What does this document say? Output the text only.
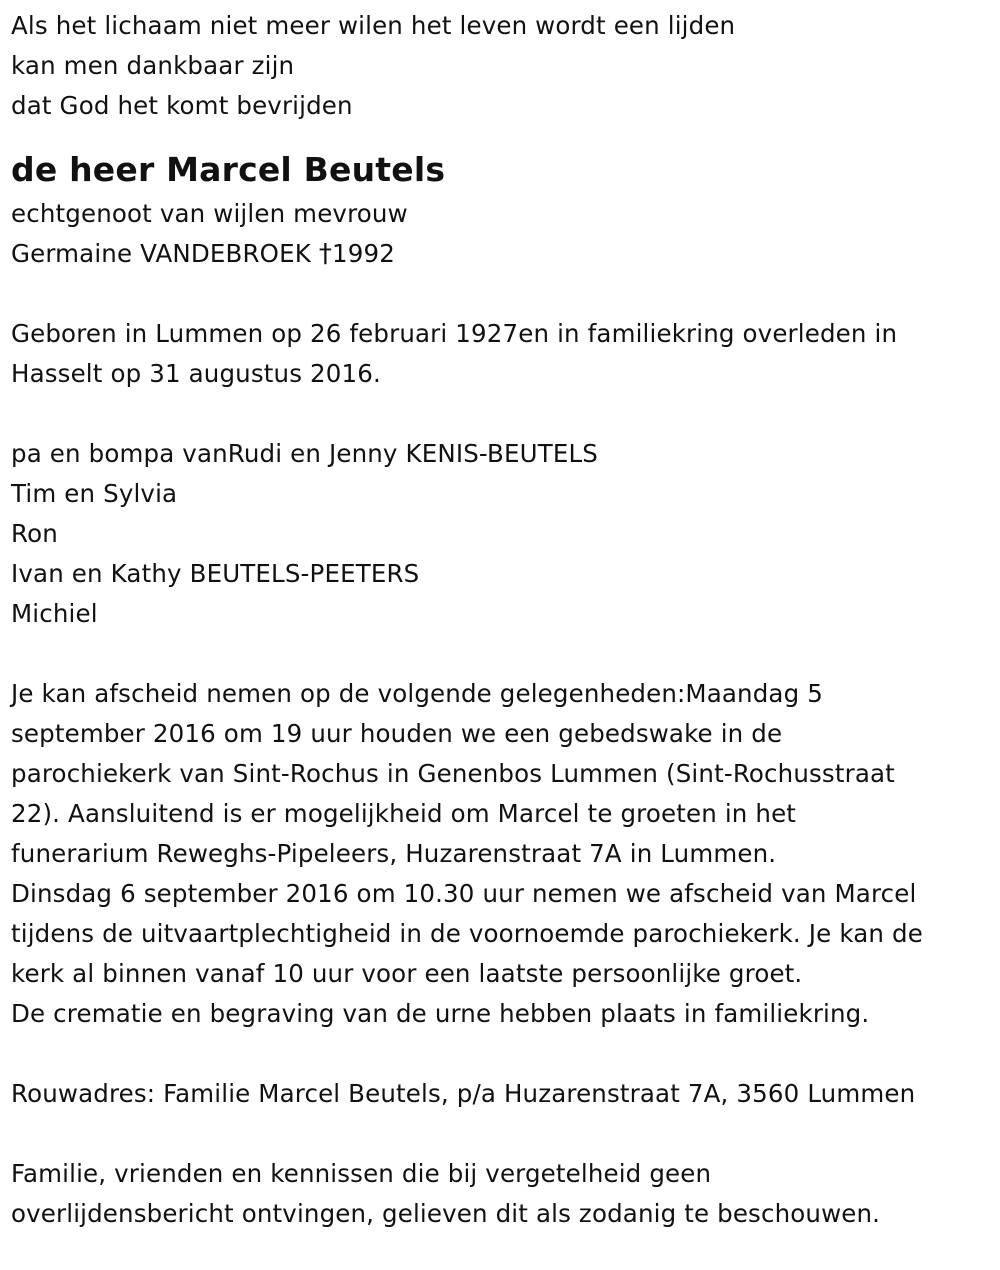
Als het lichaam niet meer wilen het leven wordt een lijden
kan men dankbaar zijn
dat God het komt bevrijden
de heer Marcel Beutels
echtgenoot van wijlen mevrouw
Germaine VANDEBROEK †1992
Geboren in Lummen op 26 februari 1927en in familiekring overleden in
Hasselt op 31 augustus 2016.
pa en bompa vanRudi en Jenny KENIS-BEUTELS
Tim en Sylvia
Ron
Ivan en Kathy BEUTELS-PEETERS
Michiel
Je kan afscheid nemen op de volgende gelegenheden:Maandag 5
september 2016 om 19 uur houden we een gebedswake in de
parochiekerk van Sint-Rochus in Genenbos Lummen (Sint-Rochusstraat
22). Aansluitend is er mogelijkheid om Marcel te groeten in het
funerarium Reweghs-Pipeleers, Huzarenstraat 7A in Lummen.
Dinsdag 6 september 2016 om 10.30 uur nemen we afscheid van Marcel
tijdens de uitvaartplechtigheid in de voornoemde parochiekerk. Je kan de
kerk al binnen vanaf 10 uur voor een laatste persoonlijke groet.
De crematie en begraving van de urne hebben plaats in familiekring.
Rouwadres: Familie Marcel Beutels, p/a Huzarenstraat 7A, 3560 Lummen
Familie, vrienden en kennissen die bij vergetelheid geen
overlijdensbericht ontvingen, gelieven dit als zodanig te beschouwen.
